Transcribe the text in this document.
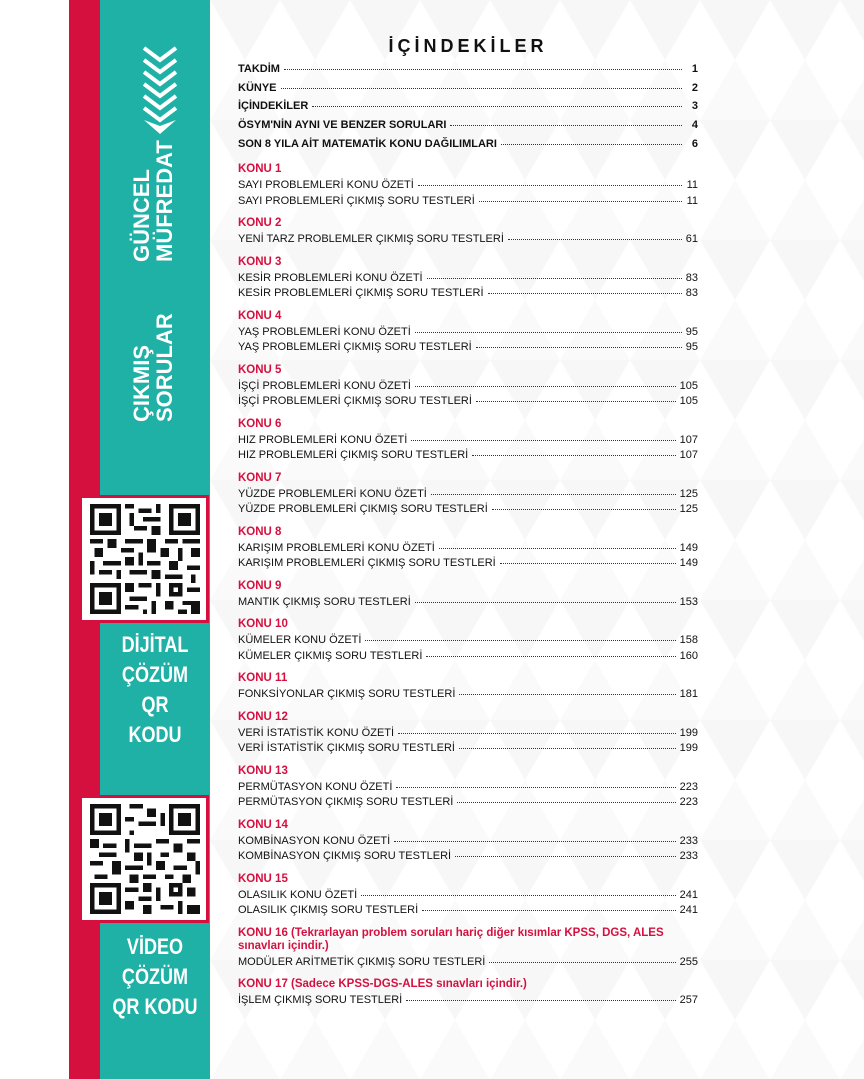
GÜNCEL
MÜFREDAT
ÇIKMIŞ
SORULAR
DİJİTAL
ÇÖZÜM
QR
KODU
VİDEO
ÇÖZÜM
QR KODU
İÇİNDEKİLER
TAKDİM	1
KÜNYE	2
İÇİNDEKİLER	3
ÖSYM'NİN AYNI VE BENZER SORULARI	4
SON 8 YILA AİT MATEMATİK KONU DAĞILIMLARI	6
KONU 1
SAYI PROBLEMLERİ KONU ÖZETİ	11
SAYI PROBLEMLERİ ÇIKMIŞ SORU TESTLERİ	11
KONU 2
YENİ TARZ PROBLEMLER ÇIKMIŞ SORU TESTLERİ	61
KONU 3
KESİR PROBLEMLERİ KONU ÖZETİ	83
KESİR PROBLEMLERİ ÇIKMIŞ SORU TESTLERİ	83
KONU 4
YAŞ PROBLEMLERİ KONU ÖZETİ	95
YAŞ PROBLEMLERİ ÇIKMIŞ SORU TESTLERİ	95
KONU 5
İŞÇİ PROBLEMLERİ KONU ÖZETİ	105
İŞÇİ PROBLEMLERİ ÇIKMIŞ SORU TESTLERİ	105
KONU 6
HIZ PROBLEMLERİ KONU ÖZETİ	107
HIZ PROBLEMLERİ ÇIKMIŞ SORU TESTLERİ	107
KONU 7
YÜZDE PROBLEMLERİ KONU ÖZETİ	125
YÜZDE PROBLEMLERİ ÇIKMIŞ SORU TESTLERİ	125
KONU 8
KARIŞIM PROBLEMLERİ KONU ÖZETİ	149
KARIŞIM PROBLEMLERİ ÇIKMIŞ SORU TESTLERİ	149
KONU 9
MANTIK ÇIKMIŞ SORU TESTLERİ	153
KONU 10
KÜMELER KONU ÖZETİ	158
KÜMELER ÇIKMIŞ SORU TESTLERİ	160
KONU 11
FONKSİYONLAR ÇIKMIŞ SORU TESTLERİ	181
KONU 12
VERİ İSTATİSTİK KONU ÖZETİ	199
VERİ İSTATİSTİK ÇIKMIŞ SORU TESTLERİ	199
KONU 13
PERMÜTASYON KONU ÖZETİ	223
PERMÜTASYON ÇIKMIŞ SORU TESTLERİ	223
KONU 14
KOMBİNASYON KONU ÖZETİ	233
KOMBİNASYON ÇIKMIŞ SORU TESTLERİ	233
KONU 15
OLASILIK KONU ÖZETİ	241
OLASILIK ÇIKMIŞ SORU TESTLERİ	241
KONU 16 (Tekrarlayan problem soruları hariç diğer kısımlar KPSS, DGS, ALES sınavları içindir.)
MODÜLER ARİTMETİK ÇIKMIŞ SORU TESTLERİ	255
KONU 17 (Sadece KPSS-DGS-ALES sınavları içindir.)
İŞLEM ÇIKMIŞ SORU TESTLERİ	257
